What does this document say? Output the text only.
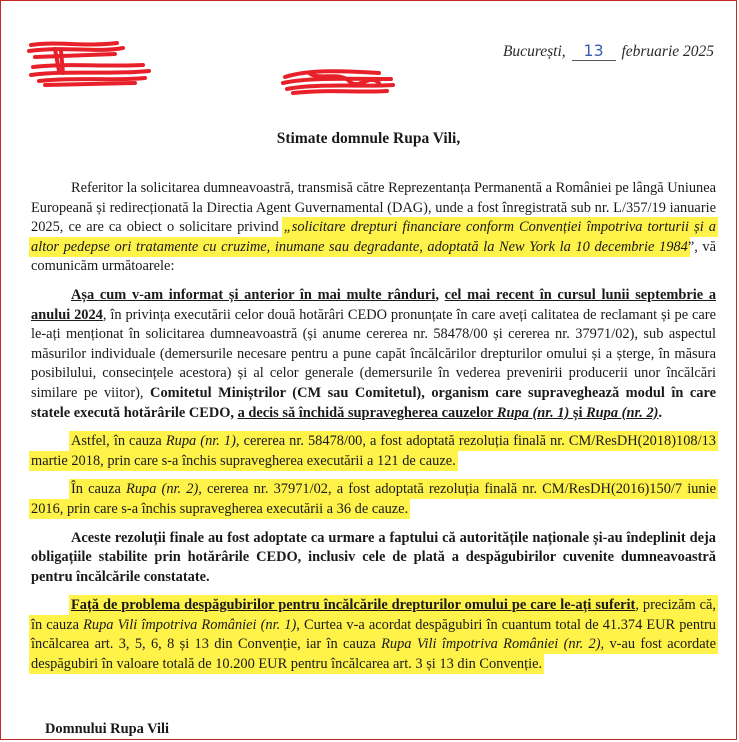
București, 13 februarie 2025
Stimate domnule Rupa Vili,

Referitor la solicitarea dumneavoastră, transmisă către Reprezentanța Permanentă a României pe lângă Uniunea Europeană și redirecționată la Directia Agent Guvernamental (DAG), unde a fost înregistrată sub nr. L/357/19 ianuarie 2025, ce are ca obiect o solicitare privind „solicitare drepturi financiare conform Convenției împotriva torturii și a altor pedepse ori tratamente cu cruzime, inumane sau degradante, adoptată la New York la 10 decembrie 1984”, vă comunicăm următoarele:

Așa cum v-am informat și anterior în mai multe rânduri, cel mai recent în cursul lunii septembrie a anului 2024, în privința executării celor două hotărâri CEDO pronunțate în care aveți calitatea de reclamant și pe care le-ați menționat în solicitarea dumneavoastră (și anume cererea nr. 58478/00 și cererea nr. 37971/02), sub aspectul măsurilor individuale (demersurile necesare pentru a pune capăt încălcărilor drepturilor omului și a șterge, în măsura posibilului, consecințele acestora) și al celor generale (demersurile în vederea prevenirii producerii unor încălcări similare pe viitor), Comitetul Miniștrilor (CM sau Comitetul), organism care supraveghează modul în care statele execută hotărârile CEDO, a decis să închidă supravegherea cauzelor Rupa (nr. 1) și Rupa (nr. 2).

Astfel, în cauza Rupa (nr. 1), cererea nr. 58478/00, a fost adoptată rezoluția finală nr. CM/ResDH(2018)108/13 martie 2018, prin care s-a închis supravegherea executării a 121 de cauze.

În cauza Rupa (nr. 2), cererea nr. 37971/02, a fost adoptată rezoluția finală nr. CM/ResDH(2016)150/7 iunie 2016, prin care s-a închis supravegherea executării a 36 de cauze.

Aceste rezoluții finale au fost adoptate ca urmare a faptului că autoritățile naționale și-au îndeplinit deja obligațiile stabilite prin hotărârile CEDO, inclusiv cele de plată a despăgubirilor cuvenite dumneavoastră pentru încălcările constatate.

Față de problema despăgubirilor pentru încălcările drepturilor omului pe care le-ați suferit, precizăm că, în cauza Rupa Vili împotriva României (nr. 1), Curtea v-a acordat despăgubiri în cuantum total de 41.374 EUR pentru încălcarea art. 3, 5, 6, 8 și 13 din Convenție, iar în cauza Rupa Vili împotriva României (nr. 2), v-au fost acordate despăgubiri în valoare totală de 10.200 EUR pentru încălcarea art. 3 și 13 din Convenție.

Domnului Rupa Vili
